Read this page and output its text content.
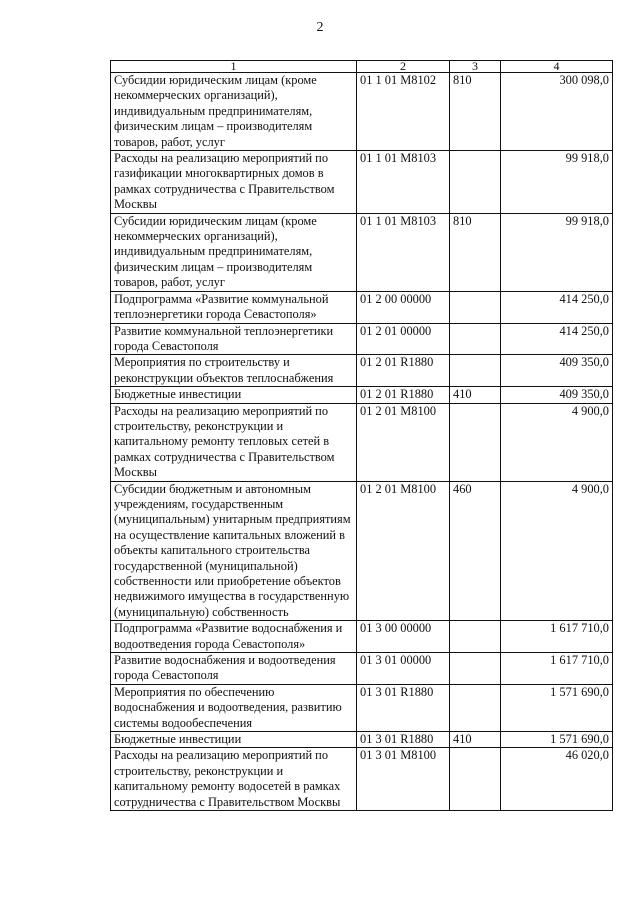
2
1	2	3	4
Субсидии юридическим лицам (кроме некоммерческих организаций), индивидуальным предпринимателям, физическим лицам – производителям товаров, работ, услуг	01 1 01 M8102	810	300 098,0
Расходы на реализацию мероприятий по газификации многоквартирных домов в рамках сотрудничества с Правительством Москвы	01 1 01 M8103		99 918,0
Субсидии юридическим лицам (кроме некоммерческих организаций), индивидуальным предпринимателям, физическим лицам – производителям товаров, работ, услуг	01 1 01 M8103	810	99 918,0
Подпрограмма «Развитие коммунальной теплоэнергетики города Севастополя»	01 2 00 00000		414 250,0
Развитие коммунальной теплоэнергетики города Севастополя	01 2 01 00000		414 250,0
Мероприятия по строительству и реконструкции объектов теплоснабжения	01 2 01 R1880		409 350,0
Бюджетные инвестиции	01 2 01 R1880	410	409 350,0
Расходы на реализацию мероприятий по строительству, реконструкции и капитальному ремонту тепловых сетей в рамках сотрудничества с Правительством Москвы	01 2 01 M8100		4 900,0
Субсидии бюджетным и автономным учреждениям, государственным (муниципальным) унитарным предприятиям на осуществление капитальных вложений в объекты капитального строительства государственной (муниципальной) собственности или приобретение объектов недвижимого имущества в государственную (муниципальную) собственность	01 2 01 M8100	460	4 900,0
Подпрограмма «Развитие водоснабжения и водоотведения города Севастополя»	01 3 00 00000		1 617 710,0
Развитие водоснабжения и водоотведения города Севастополя	01 3 01 00000		1 617 710,0
Мероприятия по обеспечению водоснабжения и водоотведения, развитию системы водообеспечения	01 3 01 R1880		1 571 690,0
Бюджетные инвестиции	01 3 01 R1880	410	1 571 690,0
Расходы на реализацию мероприятий по строительству, реконструкции и капитальному ремонту водосетей в рамках сотрудничества с Правительством Москвы	01 3 01 M8100		46 020,0
